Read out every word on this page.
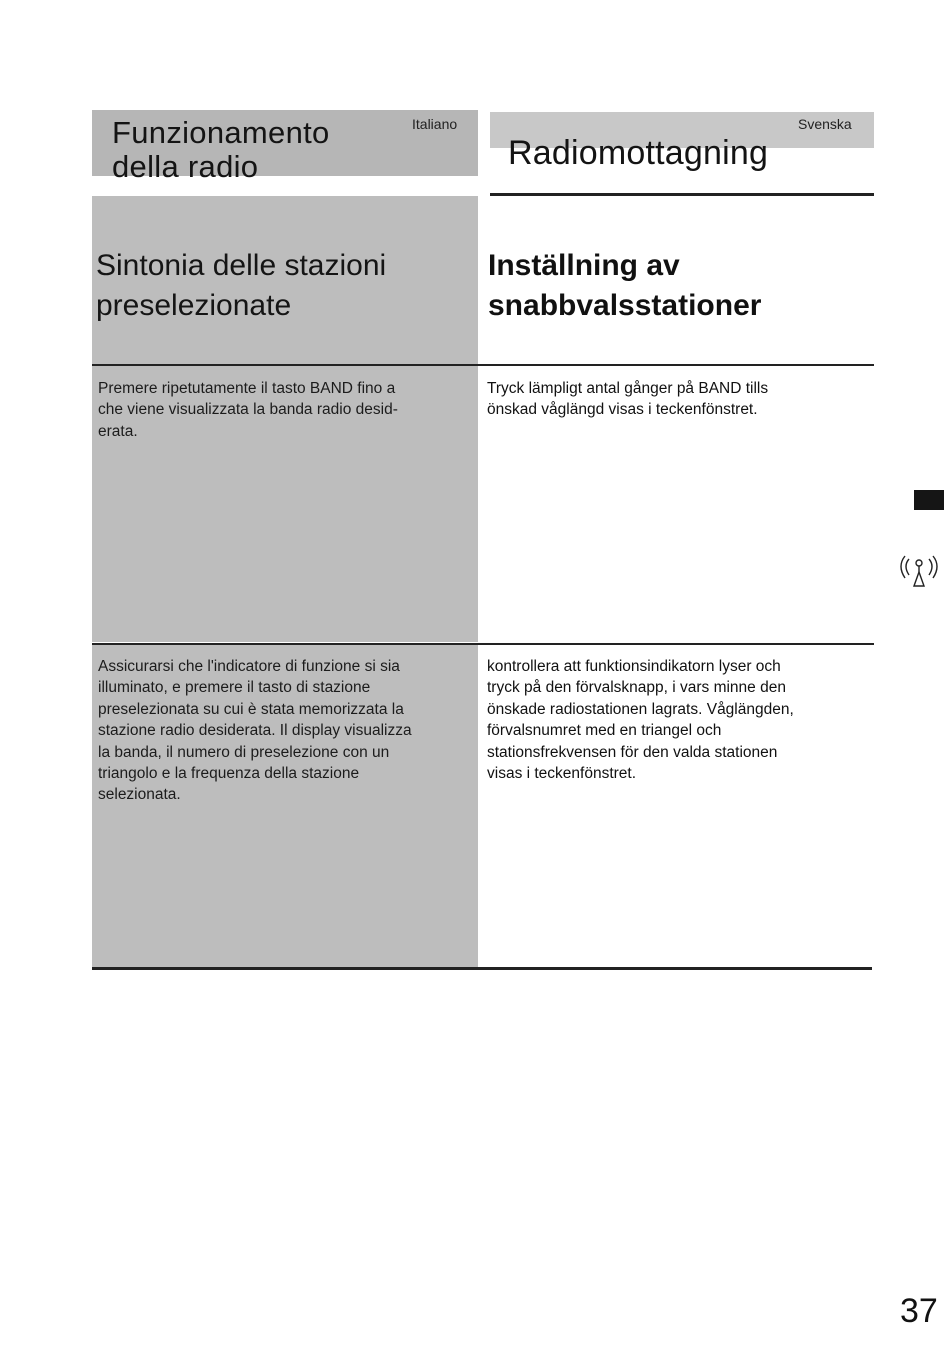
Funzionamento
della radio
Italiano	Svenska
Radiomottagning
Sintonia delle stazioni
preselezionate
Inställning av
snabbvalsstationer
Premere ripetutamente il tasto BAND fino a
che viene visualizzata la banda radio desid-
erata.
Tryck lämpligt antal gånger på BAND tills
önskad våglängd visas i teckenfönstret.
Assicurarsi che l'indicatore di funzione si sia
illuminato, e premere il tasto di stazione
preselezionata su cui è stata memorizzata la
stazione radio desiderata. Il display visualizza
la banda, il numero di preselezione con un
triangolo e la frequenza della stazione
selezionata.
kontrollera att funktionsindikatorn lyser och
tryck på den förvalsknapp, i vars minne den
önskade radiostationen lagrats. Våglängden,
förvalsnumret med en triangel och
stationsfrekvensen för den valda stationen
visas i teckenfönstret.
37
